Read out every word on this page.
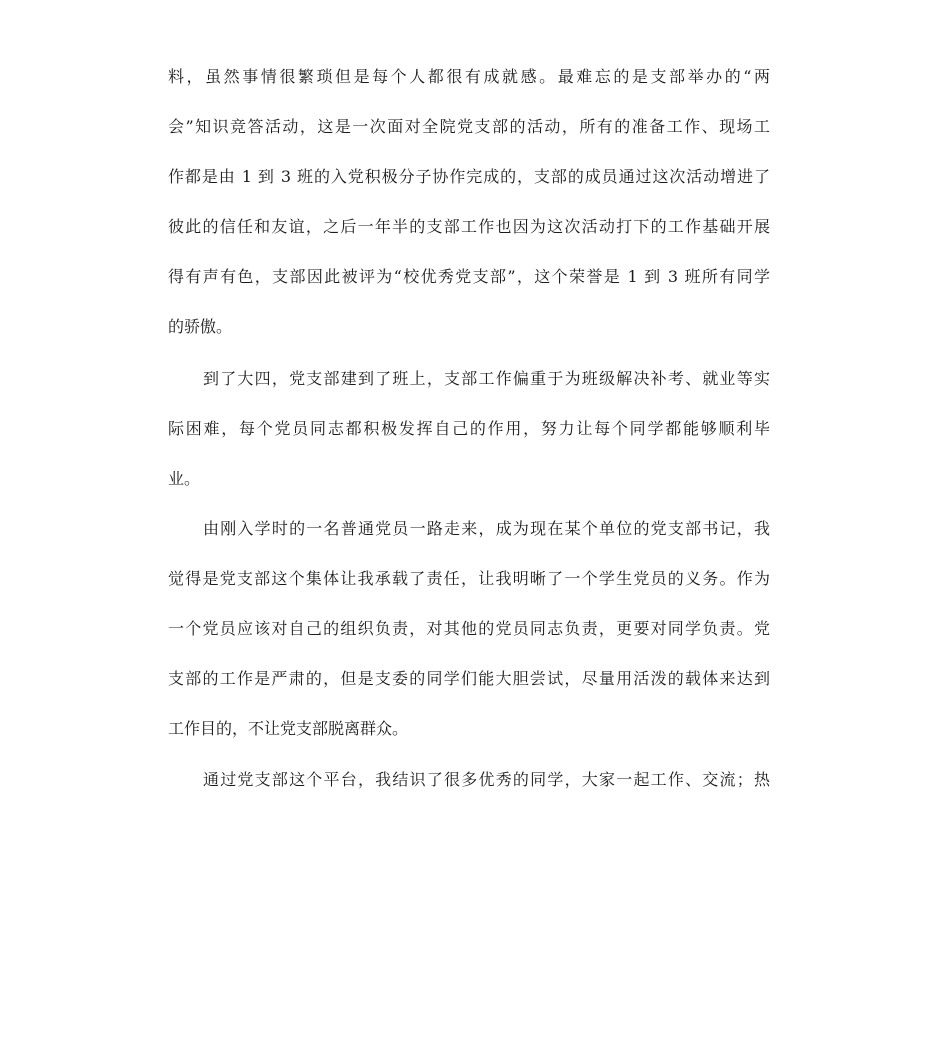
料，虽然事情很繁琐但是每个人都很有成就感。最难忘的是支部举办的“两
会”知识竞答活动，这是一次面对全院党支部的活动，所有的准备工作、现场工
作都是由 1 到 3 班的入党积极分子协作完成的，支部的成员通过这次活动增进了
彼此的信任和友谊，之后一年半的支部工作也因为这次活动打下的工作基础开展
得有声有色，支部因此被评为“校优秀党支部”，这个荣誉是 1 到 3 班所有同学
的骄傲。
到了大四，党支部建到了班上，支部工作偏重于为班级解决补考、就业等实
际困难，每个党员同志都积极发挥自己的作用，努力让每个同学都能够顺利毕
业。
由刚入学时的一名普通党员一路走来，成为现在某个单位的党支部书记，我
觉得是党支部这个集体让我承载了责任，让我明晰了一个学生党员的义务。作为
一个党员应该对自己的组织负责，对其他的党员同志负责，更要对同学负责。党
支部的工作是严肃的，但是支委的同学们能大胆尝试，尽量用活泼的载体来达到
工作目的，不让党支部脱离群众。
通过党支部这个平台，我结识了很多优秀的同学，大家一起工作、交流；热
